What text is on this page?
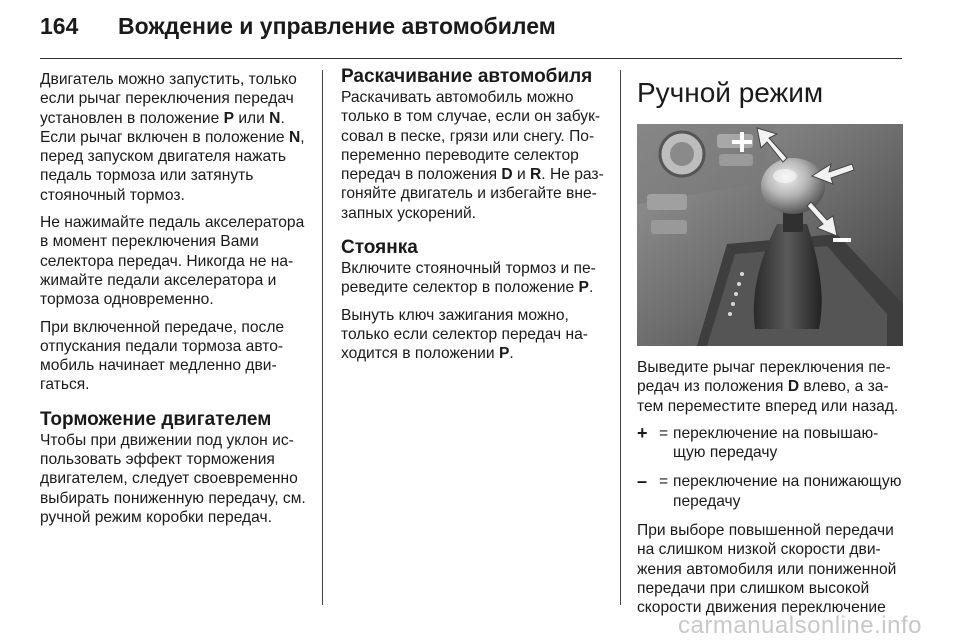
164 Вождение и управление автомобилем

Двигатель можно запустить, только если рычаг переключения передач установлен в положение P или N. Если рычаг включен в положение N, перед запуском двигателя нажать педаль тормоза или затянуть стояночный тормоз.

Не нажимайте педаль акселератора в момент переключения Вами селектора передач. Никогда не нажимайте педали акселератора и тормоза одновременно.

При включенной передаче, после отпускания педали тормоза автомобиль начинает медленно двигаться.

Торможение двигателем

Чтобы при движении под уклон использовать эффект торможения двигателем, следует своевременно выбирать пониженную передачу, см. ручной режим коробки передач.

Раскачивание автомобиля

Раскачивать автомобиль можно только в том случае, если он забуксовал в песке, грязи или снегу. Попеременно переводите селектор передач в положения D и R. Не разгоняйте двигатель и избегайте внезапных ускорений.

Стоянка

Включите стояночный тормоз и переведите селектор в положение P.

Вынуть ключ зажигания можно, только если селектор передач находится в положении P.

Ручной режим

Выведите рычаг переключения передач из положения D влево, а затем переместите вперед или назад.

+ = переключение на повышающую передачу
– = переключение на понижающую передачу

При выборе повышенной передачи на слишком низкой скорости движения автомобиля или пониженной передачи при слишком высокой скорости движения переключение

carmanualsonline.info
